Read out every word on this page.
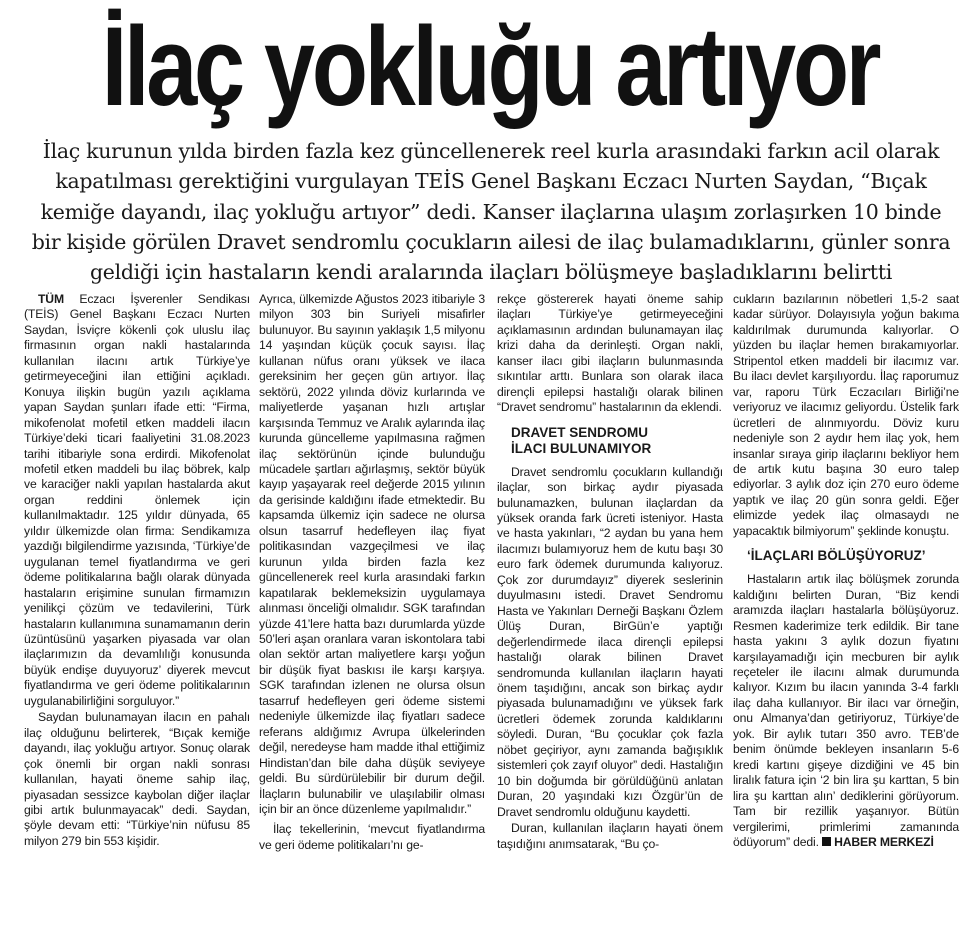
İlaç yokluğu artıyor

İlaç kurunun yılda birden fazla kez güncellenerek reel kurla arasındaki farkın acil olarak kapatılması gerektiğini vurgulayan TEİS Genel Başkanı Eczacı Nurten Saydan, “Bıçak kemiğe dayandı, ilaç yokluğu artıyor” dedi. Kanser ilaçlarına ulaşım zorlaşırken 10 binde bir kişide görülen Dravet sendromlu çocukların ailesi de ilaç bulamadıklarını, günler sonra geldiği için hastaların kendi aralarında ilaçları bölüşmeye başladıklarını belirtti

TÜM Eczacı İşverenler Sendikası (TEİS) Genel Başkanı Eczacı Nurten Saydan, İsviçre kökenli çok uluslu ilaç firmasının organ nakli hastalarında kullanılan ilacını artık Türkiye’ye getirmeyeceğini ilan ettiğini açıkladı. Konuya ilişkin bugün yazılı açıklama yapan Saydan şunları ifade etti: “Firma, mikofenolat mofetil etken maddeli ilacın Türkiye’deki ticari faaliyetini 31.08.2023 tarihi itibariyle sona erdirdi. Mikofenolat mofetil etken maddeli bu ilaç böbrek, kalp ve karaciğer nakli yapılan hastalarda akut organ reddini önlemek için kullanılmaktadır. 125 yıldır dünyada, 65 yıldır ülkemizde olan firma: Sendikamıza yazdığı bilgilendirme yazısında, ‘Türkiye’de uygulanan temel fiyatlandırma ve geri ödeme politikalarına bağlı olarak dünyada hastaların erişimine sunulan firmamızın yenilikçi çözüm ve tedavilerini, Türk hastaların kullanımına sunamamanın derin üzüntüsünü yaşarken piyasada var olan ilaçlarımızın da devamlılığı konusunda büyük endişe duyuyoruz’ diyerek mevcut fiyatlandırma ve geri ödeme politikalarının uygulanabilirliğini sorguluyor.”

Saydan bulunamayan ilacın en pahalı ilaç olduğunu belirterek, “Bıçak kemiğe dayandı, ilaç yokluğu artıyor. Sonuç olarak çok önemli bir organ nakli sonrası kullanılan, hayati öneme sahip ilaç, piyasadan sessizce kaybolan diğer ilaçlar gibi artık bulunmayacak” dedi. Saydan, şöyle devam etti: “Türkiye’nin nüfusu 85 milyon 279 bin 553 kişidir.

Ayrıca, ülkemizde Ağustos 2023 itibariyle 3 milyon 303 bin Suriyeli misafirler bulunuyor. Bu sayının yaklaşık 1,5 milyonu 14 yaşından küçük çocuk sayısı. İlaç kullanan nüfus oranı yüksek ve ilaca gereksinim her geçen gün artıyor. İlaç sektörü, 2022 yılında döviz kurlarında ve maliyetlerde yaşanan hızlı artışlar karşısında Temmuz ve Aralık aylarında ilaç kurunda güncelleme yapılmasına rağmen ilaç sektörünün içinde bulunduğu mücadele şartları ağırlaşmış, sektör büyük kayıp yaşayarak reel değerde 2015 yılının da gerisinde kaldığını ifade etmektedir. Bu kapsamda ülkemiz için sadece ne olursa olsun tasarruf hedefleyen ilaç fiyat politikasından vazgeçilmesi ve ilaç kurunun yılda birden fazla kez güncellenerek reel kurla arasındaki farkın kapatılarak beklemeksizin uygulamaya alınması önceliği olmalıdır. SGK tarafından yüzde 41’lere hatta bazı durumlarda yüzde 50’leri aşan oranlara varan iskontolara tabi olan sektör artan maliyetlere karşı yoğun bir düşük fiyat baskısı ile karşı karşıya. SGK tarafından izlenen ne olursa olsun tasarruf hedefleyen geri ödeme sistemi nedeniyle ülkemizde ilaç fiyatları sadece referans aldığımız Avrupa ülkelerinden değil, neredeyse ham madde ithal ettiğimiz Hindistan’dan bile daha düşük seviyeye geldi. Bu sürdürülebilir bir durum değil. İlaçların bulunabilir ve ulaşılabilir olması için bir an önce düzenleme yapılmalıdır.”

İlaç tekellerinin, ‘mevcut fiyatlandırma ve geri ödeme politikaları’nı ge-

rekçe göstererek hayati öneme sahip ilaçları Türkiye’ye getirmeyeceğini açıklamasının ardından bulunamayan ilaç krizi daha da derinleşti. Organ nakli, kanser ilacı gibi ilaçların bulunmasında sıkıntılar arttı. Bunlara son olarak ilaca dirençli epilepsi hastalığı olarak bilinen “Dravet sendromu” hastalarının da eklendi.

DRAVET SENDROMU

İLACI BULUNAMIYOR

Dravet sendromlu çocukların kullandığı ilaçlar, son birkaç aydır piyasada bulunamazken, bulunan ilaçlardan da yüksek oranda fark ücreti isteniyor. Hasta ve hasta yakınları, “2 aydan bu yana hem ilacımızı bulamıyoruz hem de kutu başı 30 euro fark ödemek durumunda kalıyoruz. Çok zor durumdayız” diyerek seslerinin duyulmasını istedi. Dravet Sendromu Hasta ve Yakınları Derneği Başkanı Özlem Ülüş Duran, BirGün’e yaptığı değerlendirmede ilaca dirençli epilepsi hastalığı olarak bilinen Dravet sendromunda kullanılan ilaçların hayati önem taşıdığını, ancak son birkaç aydır piyasada bulunamadığını ve yüksek fark ücretleri ödemek zorunda kaldıklarını söyledi. Duran, “Bu çocuklar çok fazla nöbet geçiriyor, aynı zamanda bağışıklık sistemleri çok zayıf oluyor” dedi. Hastalığın 10 bin doğumda bir görüldüğünü anlatan Duran, 20 yaşındaki kızı Özgür’ün de Dravet sendromlu olduğunu kaydetti.

Duran, kullanılan ilaçların hayati önem taşıdığını anımsatarak, “Bu ço-

cukların bazılarının nöbetleri 1,5-2 saat kadar sürüyor. Dolayısıyla yoğun bakıma kaldırılmak durumunda kalıyorlar. O yüzden bu ilaçlar hemen bırakamıyorlar. Stripentol etken maddeli bir ilacımız var. Bu ilacı devlet karşılıyordu. İlaç raporumuz var, raporu Türk Eczacıları Birliği’ne veriyoruz ve ilacımız geliyordu. Üstelik fark ücretleri de alınmıyordu. Döviz kuru nedeniyle son 2 aydır hem ilaç yok, hem insanlar sıraya girip ilaçlarını bekliyor hem de artık kutu başına 30 euro talep ediyorlar. 3 aylık doz için 270 euro ödeme yaptık ve ilaç 20 gün sonra geldi. Eğer elimizde yedek ilaç olmasaydı ne yapacaktık bilmiyorum” şeklinde konuştu.

‘İLAÇLARI BÖLÜŞÜYORUZ’

Hastaların artık ilaç bölüşmek zorunda kaldığını belirten Duran, “Biz kendi aramızda ilaçları hastalarla bölüşüyoruz. Resmen kaderimize terk edildik. Bir tane hasta yakını 3 aylık dozun fiyatını karşılayamadığı için mecburen bir aylık reçeteler ile ilacını almak durumunda kalıyor. Kızım bu ilacın yanında 3-4 farklı ilaç daha kullanıyor. Bir ilacı var örneğin, onu Almanya’dan getiriyoruz, Türkiye’de yok. Bir aylık tutarı 350 avro. TEB’de benim önümde bekleyen insanların 5-6 kredi kartını gişeye dizdiğini ve 45 bin liralık fatura için ‘2 bin lira şu karttan, 5 bin lira şu karttan alın’ dediklerini görüyorum. Tam bir rezillik yaşanıyor. Bütün vergilerimi, primlerimi zamanında ödüyorum” dedi. HABER MERKEZİ
